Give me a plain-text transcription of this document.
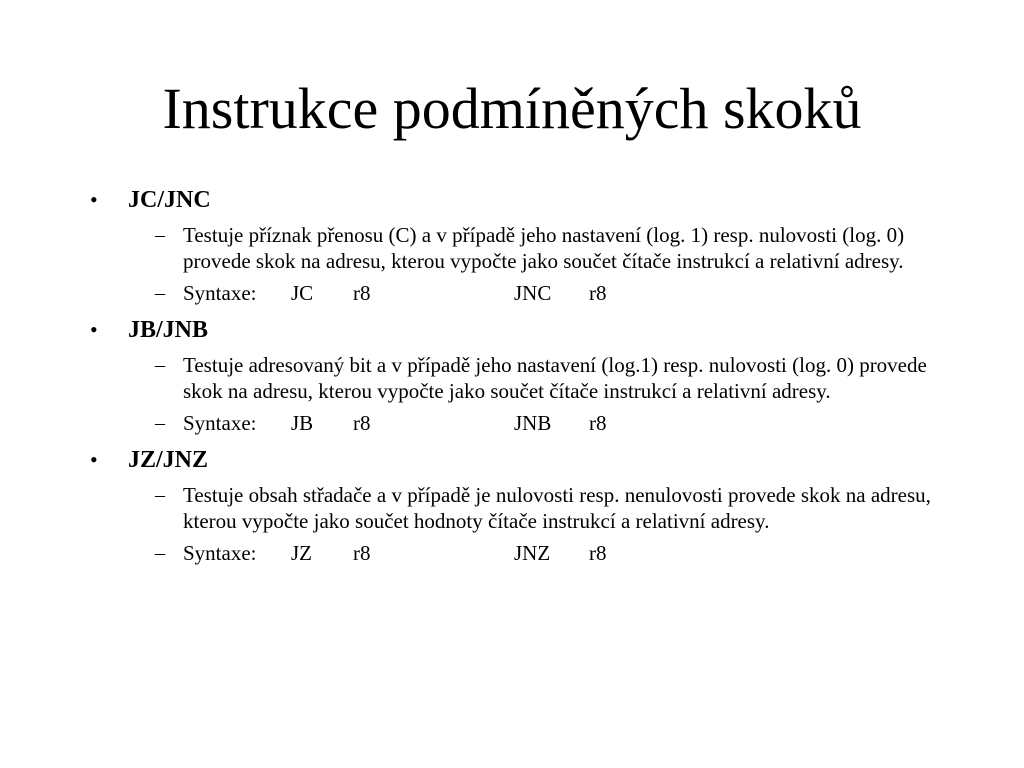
Instrukce podmíněných skoků
• JC/JNC
– Testuje příznak přenosu (C) a v případě jeho nastavení (log. 1) resp. nulovosti (log. 0) provede skok na adresu, kterou vypočte jako součet čítače instrukcí a relativní adresy.
– Syntaxe: JC r8	JNC r8
• JB/JNB
– Testuje adresovaný bit a v případě jeho nastavení (log.1) resp. nulovosti (log. 0) provede skok na adresu, kterou vypočte jako součet čítače instrukcí a relativní adresy.
– Syntaxe: JB r8	JNB r8
• JZ/JNZ
– Testuje obsah střadače a v případě je nulovosti resp. nenulovosti provede skok na adresu, kterou vypočte jako součet hodnoty čítače instrukcí a relativní adresy.
– Syntaxe: JZ r8	JNZ r8
